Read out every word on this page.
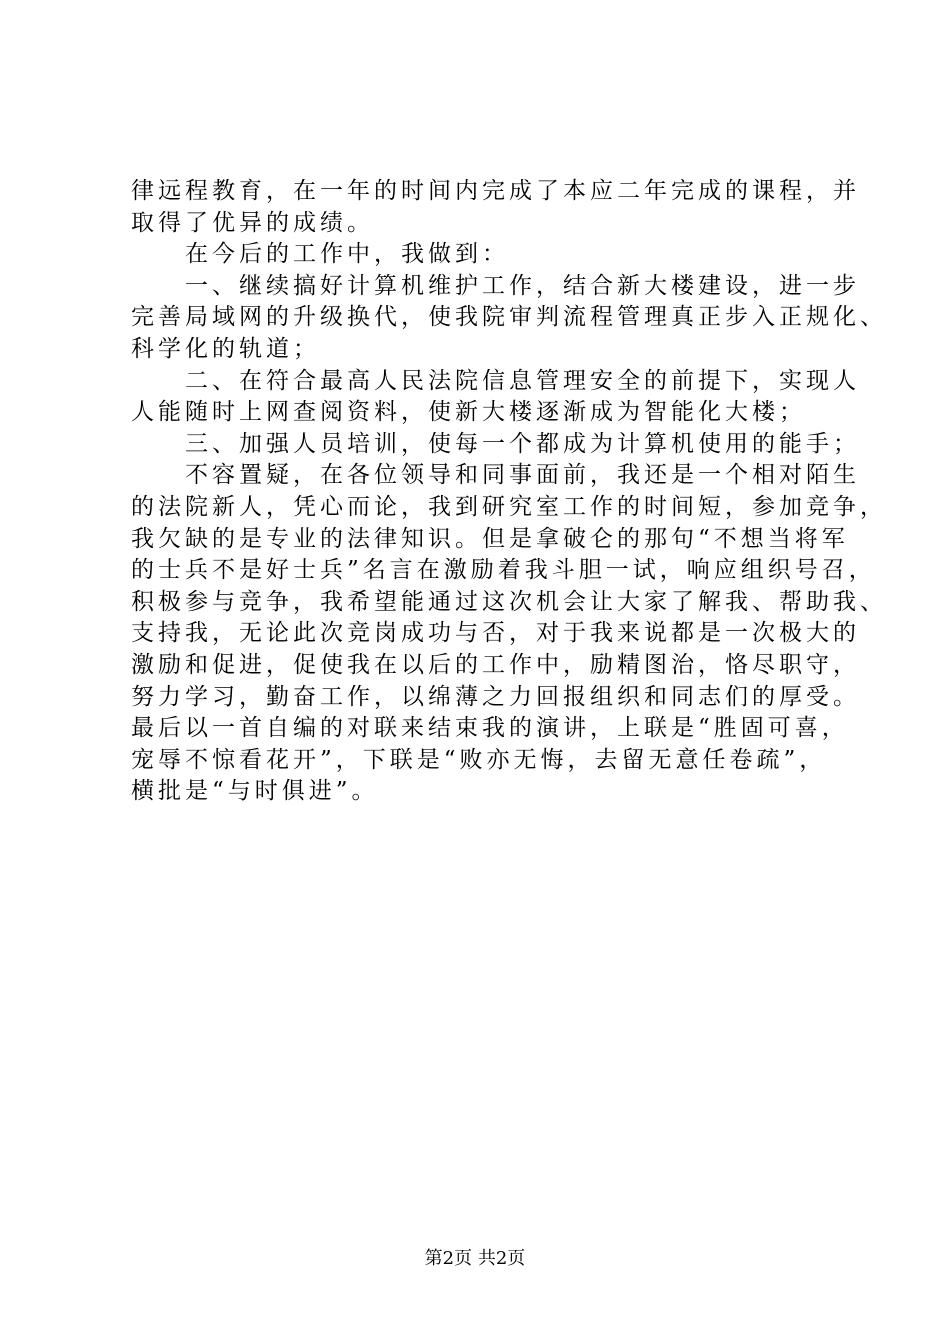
律远程教育，在一年的时间内完成了本应二年完成的课程，并
取得了优异的成绩。
　　在今后的工作中，我做到：
　　一、继续搞好计算机维护工作，结合新大楼建设，进一步
完善局域网的升级换代，使我院审判流程管理真正步入正规化、
科学化的轨道；
　　二、在符合最高人民法院信息管理安全的前提下，实现人
人能随时上网查阅资料，使新大楼逐渐成为智能化大楼；
　　三、加强人员培训，使每一个都成为计算机使用的能手；
　　不容置疑，在各位领导和同事面前，我还是一个相对陌生
的法院新人，凭心而论，我到研究室工作的时间短，参加竞争，
我欠缺的是专业的法律知识。但是拿破仑的那句“不想当将军
的士兵不是好士兵”名言在激励着我斗胆一试，响应组织号召，
积极参与竞争，我希望能通过这次机会让大家了解我、帮助我、
支持我，无论此次竞岗成功与否，对于我来说都是一次极大的
激励和促进，促使我在以后的工作中，励精图治，恪尽职守，
努力学习，勤奋工作，以绵薄之力回报组织和同志们的厚受。
最后以一首自编的对联来结束我的演讲，上联是“胜固可喜，
宠辱不惊看花开”，下联是“败亦无悔，去留无意任卷疏”，
横批是“与时俱进”。
第2页 共2页
